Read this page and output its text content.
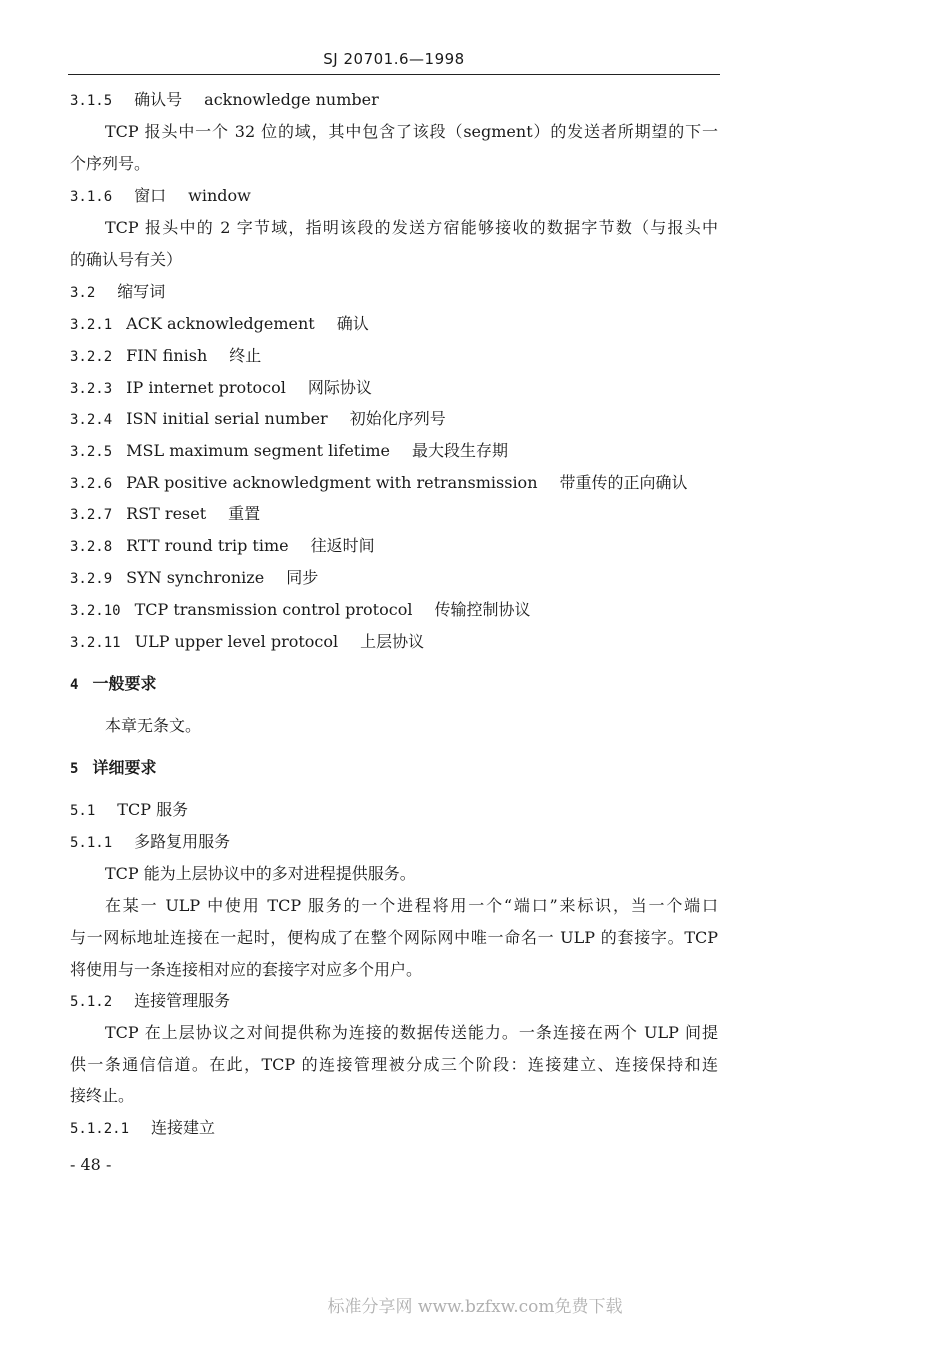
SJ 20701.6—1998
3.1.5 确认号 acknowledge number
TCP 报头中一个 32 位的域，其中包含了该段（segment）的发送者所期望的下一
个序列号。
3.1.6 窗口 window
TCP 报头中的 2 字节域，指明该段的发送方宿能够接收的数据字节数（与报头中
的确认号有关）
3.2 缩写词
3.2.1 ACK acknowledgement 确认
3.2.2 FIN finish 终止
3.2.3 IP internet protocol 网际协议
3.2.4 ISN initial serial number 初始化序列号
3.2.5 MSL maximum segment lifetime 最大段生存期
3.2.6 PAR positive acknowledgment with retransmission 带重传的正向确认
3.2.7 RST reset 重置
3.2.8 RTT round trip time 往返时间
3.2.9 SYN synchronize 同步
3.2.10 TCP transmission control protocol 传输控制协议
3.2.11 ULP upper level protocol 上层协议
4 一般要求
本章无条文。
5 详细要求
5.1 TCP 服务
5.1.1 多路复用服务
TCP 能为上层协议中的多对进程提供服务。
在某一 ULP 中使用 TCP 服务的一个进程将用一个“端口”来标识，当一个端口
与一网标地址连接在一起时，便构成了在整个网际网中唯一命名一 ULP 的套接字。TCP
将使用与一条连接相对应的套接字对应多个用户。
5.1.2 连接管理服务
TCP 在上层协议之对间提供称为连接的数据传送能力。一条连接在两个 ULP 间提
供一条通信信道。在此，TCP 的连接管理被分成三个阶段：连接建立、连接保持和连
接终止。
5.1.2.1 连接建立
- 48 -
标准分享网 www.bzfxw.com免费下载
